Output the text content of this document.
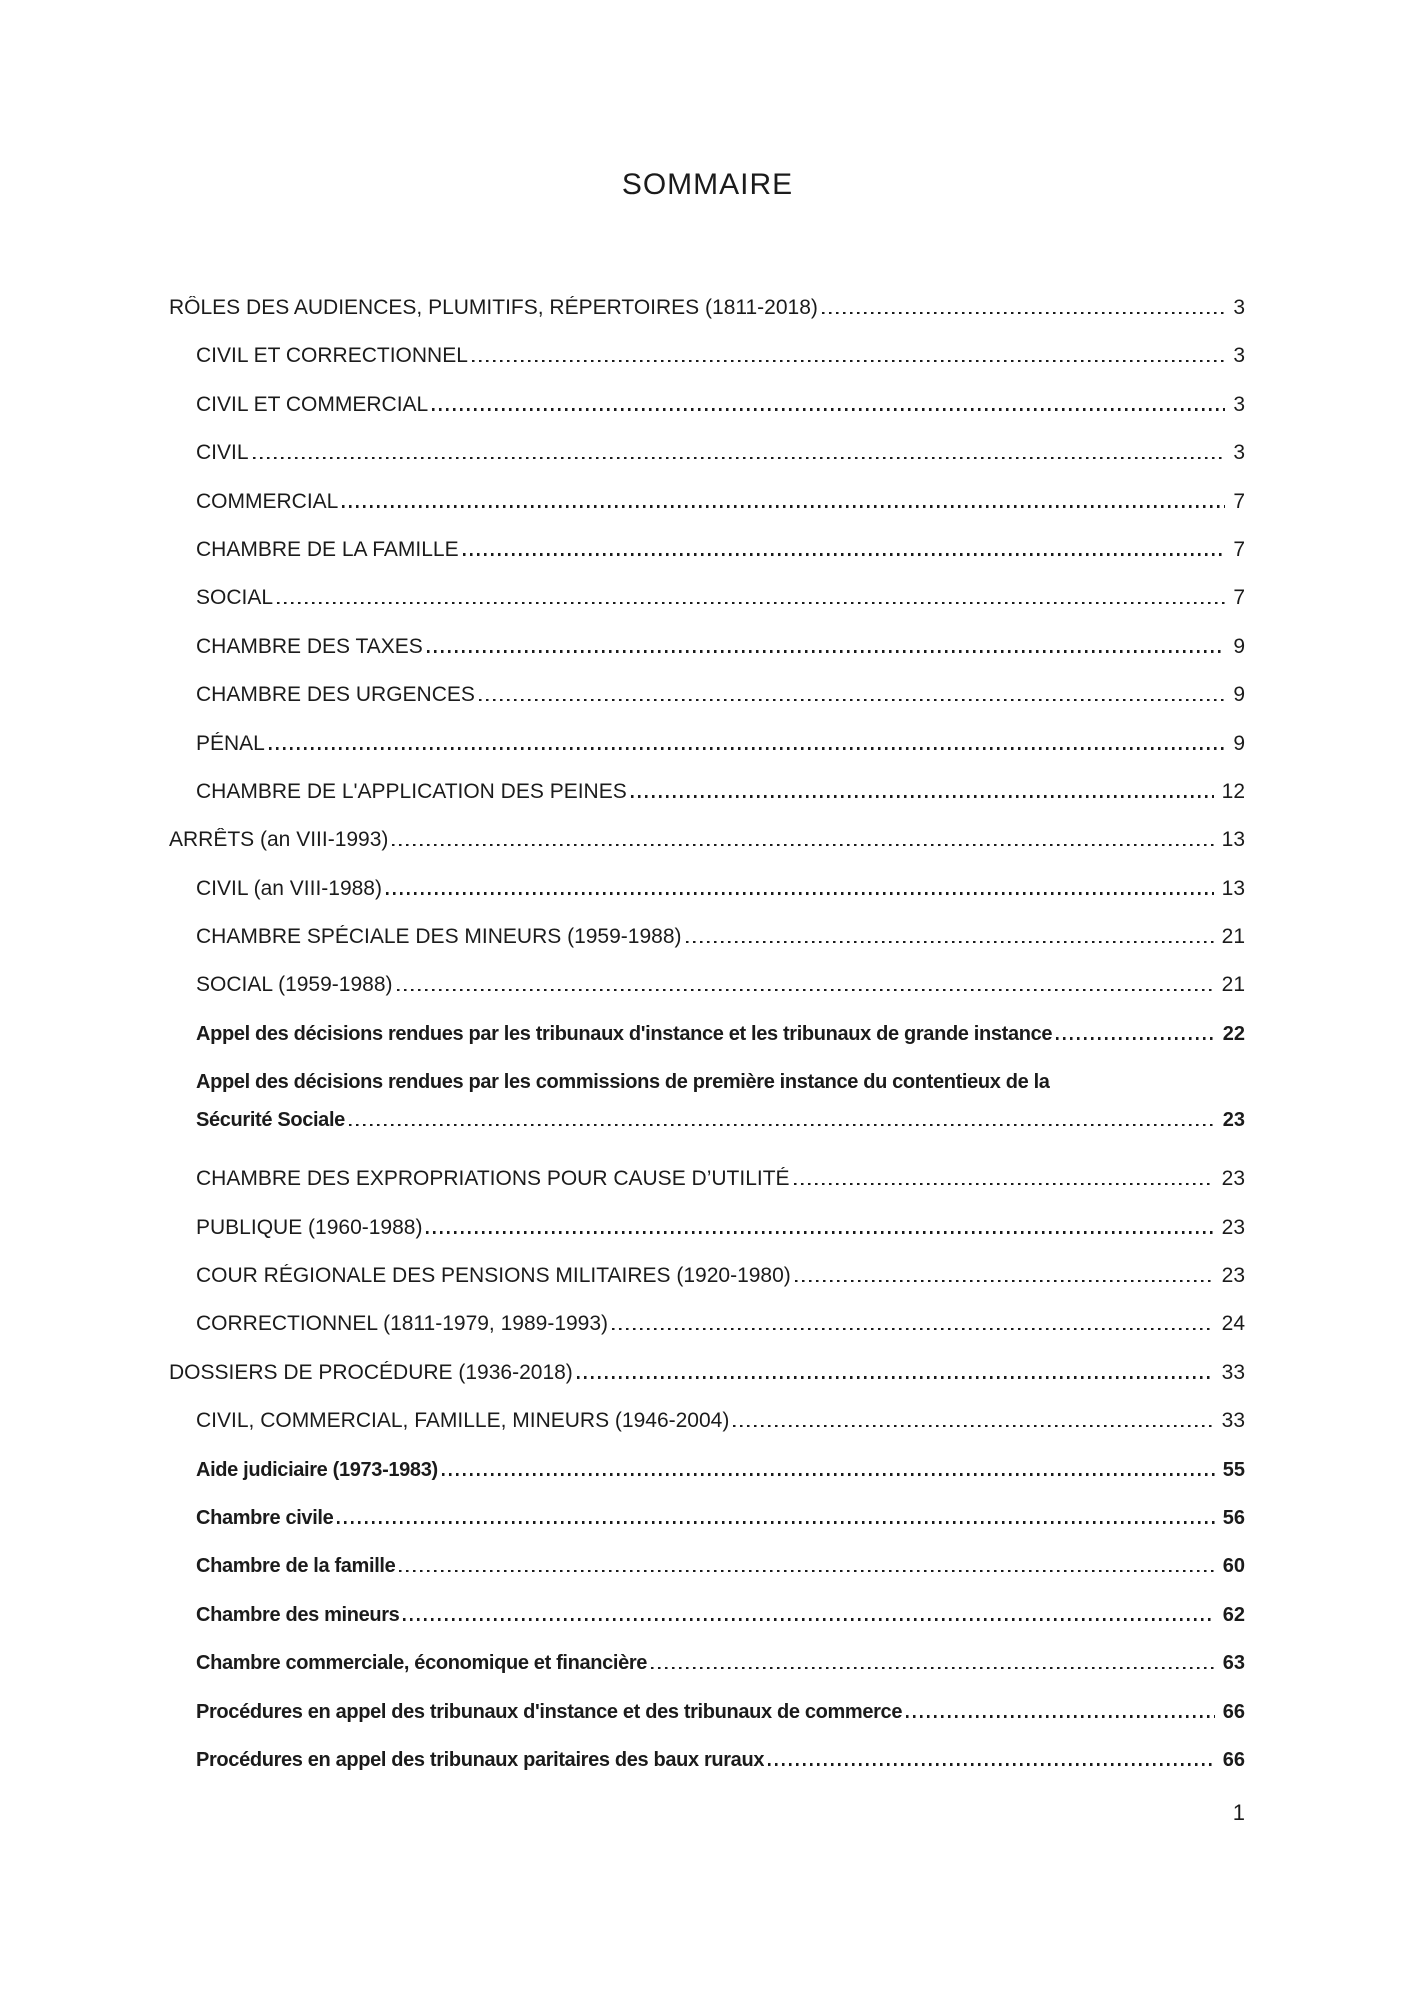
SOMMAIRE
RÔLES DES AUDIENCES, PLUMITIFS, RÉPERTOIRES (1811-2018)	3
CIVIL ET CORRECTIONNEL	3
CIVIL ET COMMERCIAL	3
CIVIL	3
COMMERCIAL	7
CHAMBRE DE LA FAMILLE	7
SOCIAL	7
CHAMBRE DES TAXES	9
CHAMBRE DES URGENCES	9
PÉNAL	9
CHAMBRE DE L'APPLICATION DES PEINES	12
ARRÊTS (an VIII-1993)	13
CIVIL (an VIII-1988)	13
CHAMBRE SPÉCIALE DES MINEURS (1959-1988)	21
SOCIAL (1959-1988)	21
Appel des décisions rendues par les tribunaux d'instance et les tribunaux de grande instance	22
Appel des décisions rendues par les commissions de première instance du contentieux de la
Sécurité Sociale	23
CHAMBRE DES EXPROPRIATIONS POUR CAUSE D’UTILITÉ	23
PUBLIQUE (1960-1988)	23
COUR RÉGIONALE DES PENSIONS MILITAIRES (1920-1980)	23
CORRECTIONNEL (1811-1979, 1989-1993)	24
DOSSIERS DE PROCÉDURE (1936-2018)	33
CIVIL, COMMERCIAL, FAMILLE, MINEURS (1946-2004)	33
Aide judiciaire (1973-1983)	55
Chambre civile	56
Chambre de la famille	60
Chambre des mineurs	62
Chambre commerciale, économique et financière	63
Procédures en appel des tribunaux d'instance et des tribunaux de commerce	66
Procédures en appel des tribunaux paritaires des baux ruraux	66
1
